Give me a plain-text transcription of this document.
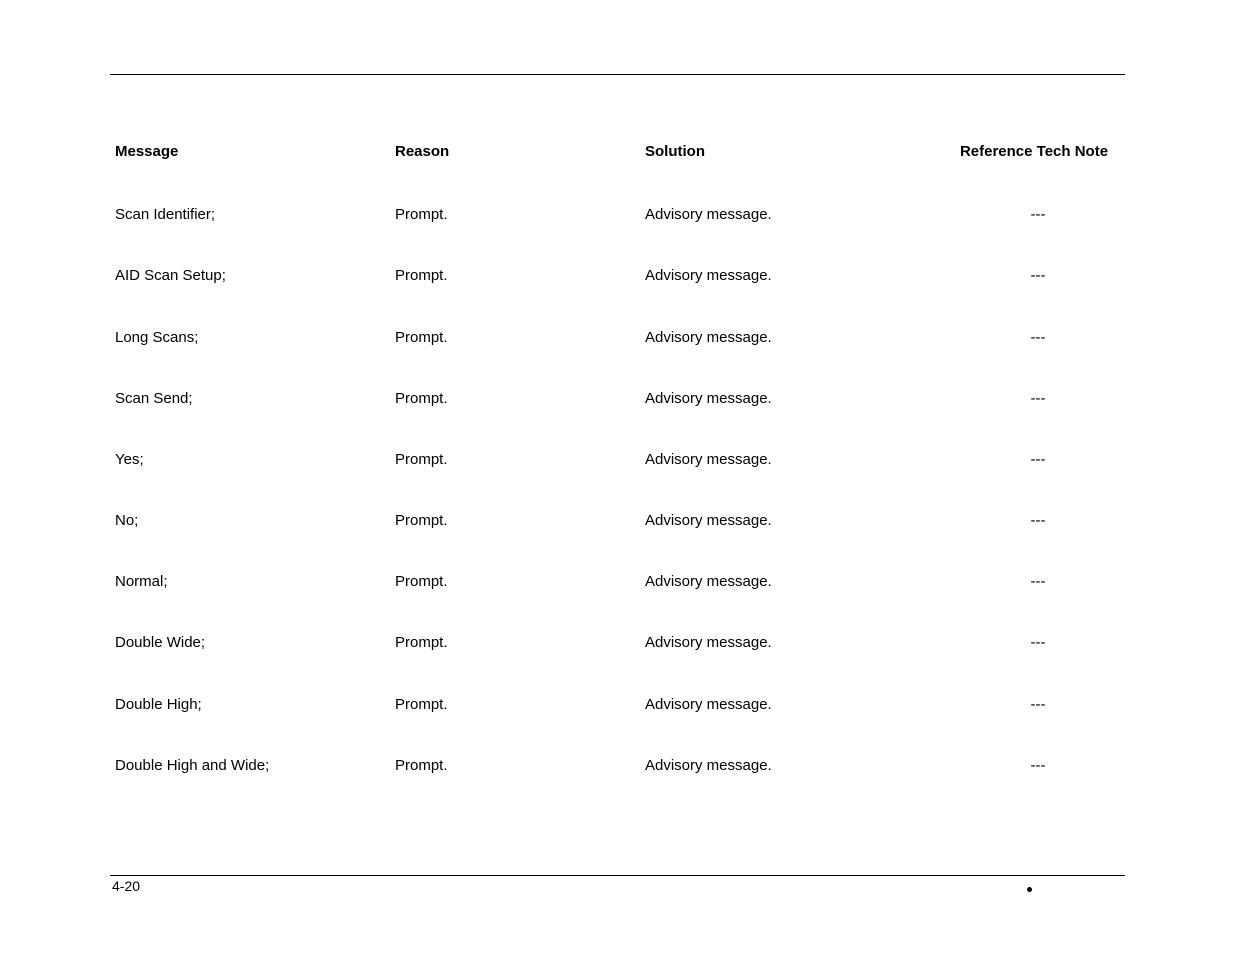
Message	Reason	Solution	Reference Tech Note
Scan Identifier;	Prompt.	Advisory message.	---
AID Scan Setup;	Prompt.	Advisory message.	---
Long Scans;	Prompt.	Advisory message.	---
Scan Send;	Prompt.	Advisory message.	---
Yes;	Prompt.	Advisory message.	---
No;	Prompt.	Advisory message.	---
Normal;	Prompt.	Advisory message.	---
Double Wide;	Prompt.	Advisory message.	---
Double High;	Prompt.	Advisory message.	---
Double High and Wide;	Prompt.	Advisory message.	---
4-20
